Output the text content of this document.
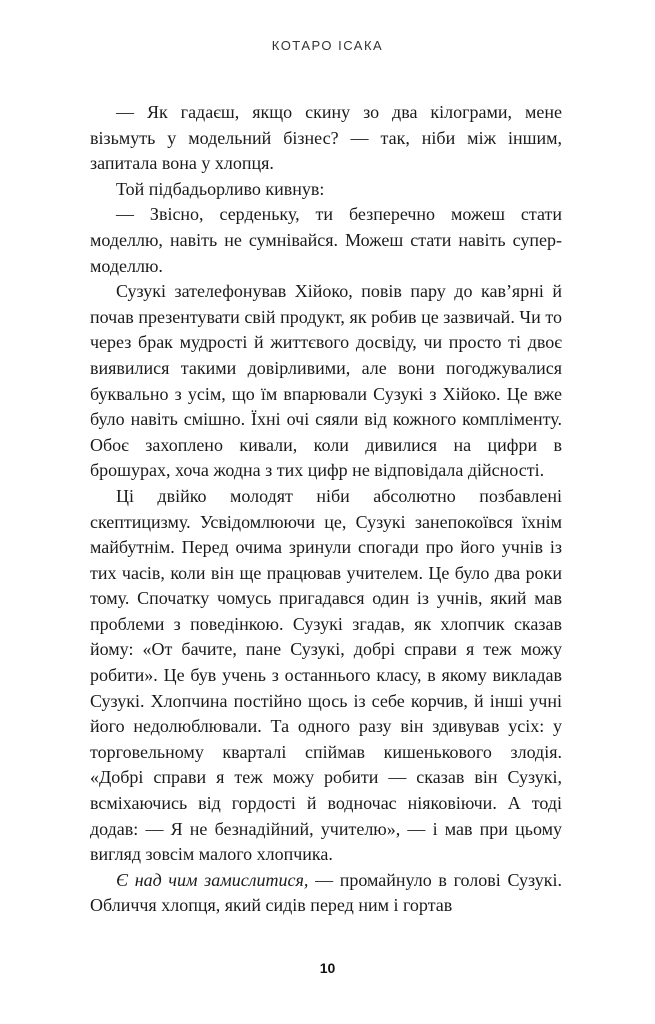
КОТАРО ІСАКА

— Як гадаєш, якщо скину зо два кілограми, мене візьмуть у модельний бізнес? — так, ніби між іншим, запитала вона у хлопця.

Той підбадьорливо кивнув:

— Звісно, серденьку, ти безперечно можеш стати моделлю, навіть не сумнівайся. Можеш стати навіть супер-моделлю.

Сузукі зателефонував Хійоко, повів пару до кав’ярні й почав презентувати свій продукт, як робив це зазвичай. Чи то через брак мудрості й життєвого досвіду, чи просто ті двоє виявилися такими довірливими, але вони погоджувалися буквально з усім, що їм впарювали Сузукі з Хійоко. Це вже було навіть смішно. Їхні очі сяяли від кожного компліменту. Обоє захоплено кивали, коли дивилися на цифри в брошурах, хоча жодна з тих цифр не відповідала дійсності.

Ці двійко молодят ніби абсолютно позбавлені скептицизму. Усвідомлюючи це, Сузукі занепокоївся їхнім майбутнім. Перед очима зринули спогади про його учнів із тих часів, коли він ще працював учителем. Це було два роки тому. Спочатку чомусь пригадався один із учнів, який мав проблеми з поведінкою. Сузукі згадав, як хлопчик сказав йому: «От бачите, пане Сузукі, добрі справи я теж можу робити». Це був учень з останнього класу, в якому викладав Сузукі. Хлопчина постійно щось із себе корчив, й інші учні його недолюблювали. Та одного разу він здивував усіх: у торговельному кварталі спіймав кишенькового злодія. «Добрі справи я теж можу робити — сказав він Сузукі, всміхаючись від гордості й водночас ніяковіючи. А тоді додав: — Я не безнадійний, учителю», — і мав при цьому вигляд зовсім малого хлопчика.

Є над чим замислитися, — промайнуло в голові Сузукі. Обличчя хлопця, який сидів перед ним і гортав

10
